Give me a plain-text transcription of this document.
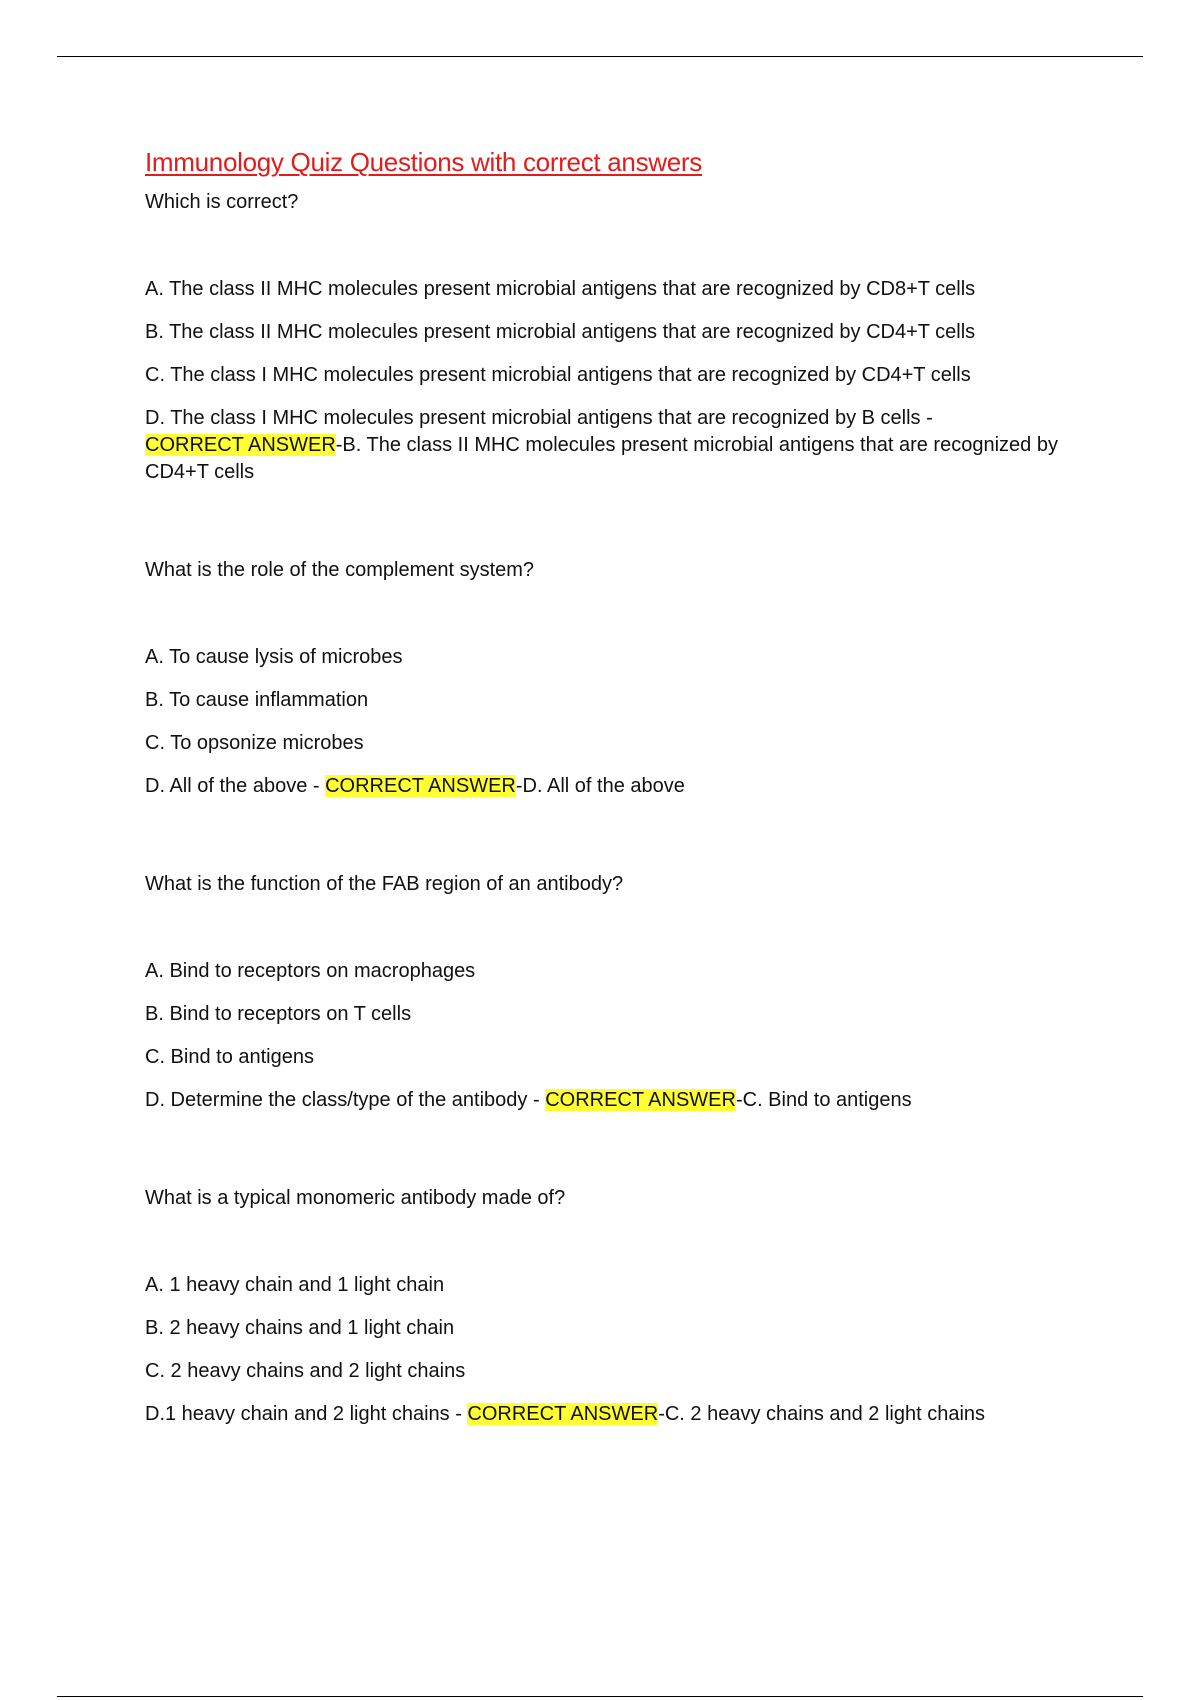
Immunology Quiz Questions with correct answers

Which is correct?

A. The class II MHC molecules present microbial antigens that are recognized by CD8+T cells

B. The class II MHC molecules present microbial antigens that are recognized by CD4+T cells

C. The class I MHC molecules present microbial antigens that are recognized by CD4+T cells

D. The class I MHC molecules present microbial antigens that are recognized by B cells -
CORRECT ANSWER-B. The class II MHC molecules present microbial antigens that are recognized by CD4+T cells

What is the role of the complement system?

A. To cause lysis of microbes

B. To cause inflammation

C. To opsonize microbes

D. All of the above - CORRECT ANSWER-D. All of the above

What is the function of the FAB region of an antibody?

A. Bind to receptors on macrophages

B. Bind to receptors on T cells

C. Bind to antigens

D. Determine the class/type of the antibody - CORRECT ANSWER-C. Bind to antigens

What is a typical monomeric antibody made of?

A. 1 heavy chain and 1 light chain

B. 2 heavy chains and 1 light chain

C. 2 heavy chains and 2 light chains

D.1 heavy chain and 2 light chains - CORRECT ANSWER-C. 2 heavy chains and 2 light chains
